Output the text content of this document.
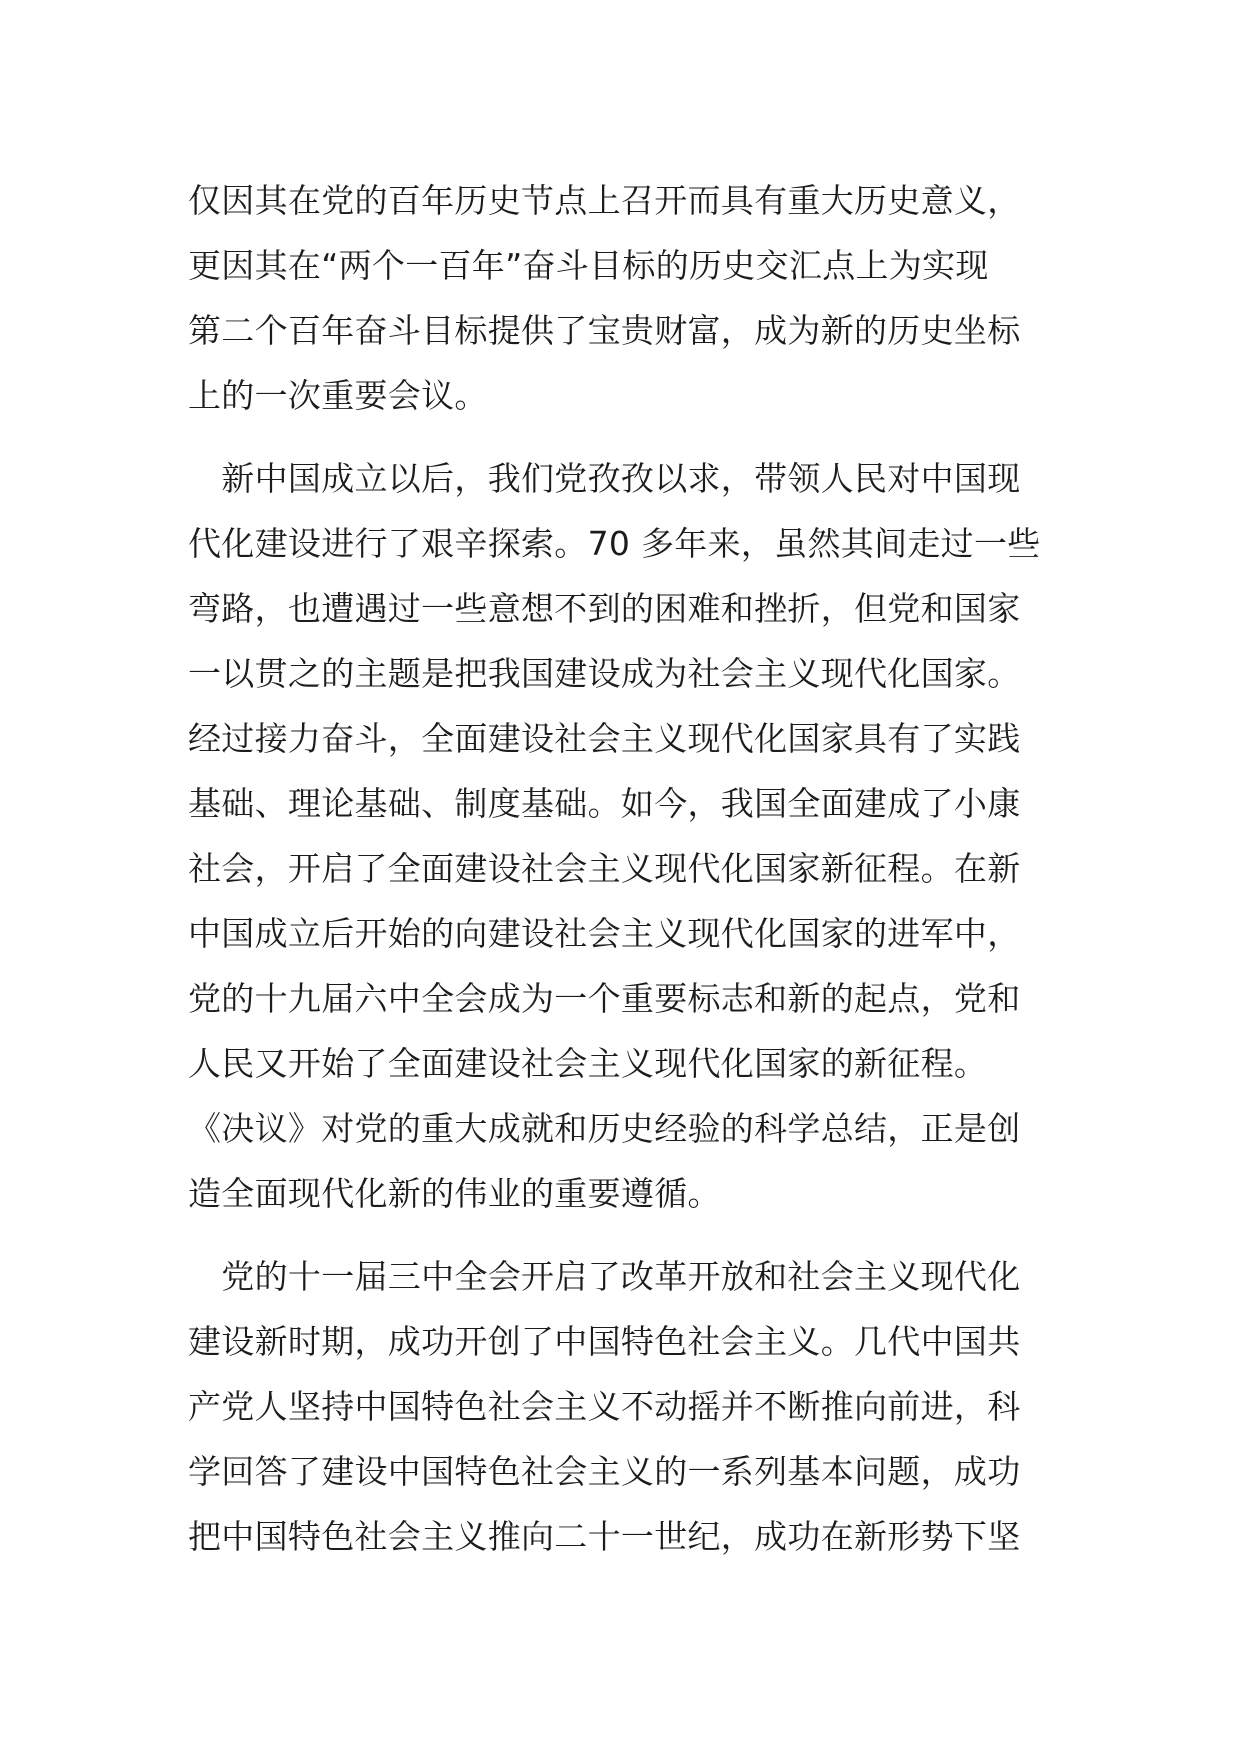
仅因其在党的百年历史节点上召开而具有重大历史意义，
更因其在“两个一百年”奋斗目标的历史交汇点上为实现
第二个百年奋斗目标提供了宝贵财富，成为新的历史坐标
上的一次重要会议。

　新中国成立以后，我们党孜孜以求，带领人民对中国现
代化建设进行了艰辛探索。70 多年来，虽然其间走过一些
弯路，也遭遇过一些意想不到的困难和挫折，但党和国家
一以贯之的主题是把我国建设成为社会主义现代化国家。
经过接力奋斗，全面建设社会主义现代化国家具有了实践
基础、理论基础、制度基础。如今，我国全面建成了小康
社会，开启了全面建设社会主义现代化国家新征程。在新
中国成立后开始的向建设社会主义现代化国家的进军中，
党的十九届六中全会成为一个重要标志和新的起点，党和
人民又开始了全面建设社会主义现代化国家的新征程。
《决议》对党的重大成就和历史经验的科学总结，正是创
造全面现代化新的伟业的重要遵循。

　党的十一届三中全会开启了改革开放和社会主义现代化
建设新时期，成功开创了中国特色社会主义。几代中国共
产党人坚持中国特色社会主义不动摇并不断推向前进，科
学回答了建设中国特色社会主义的一系列基本问题，成功
把中国特色社会主义推向二十一世纪，成功在新形势下坚
